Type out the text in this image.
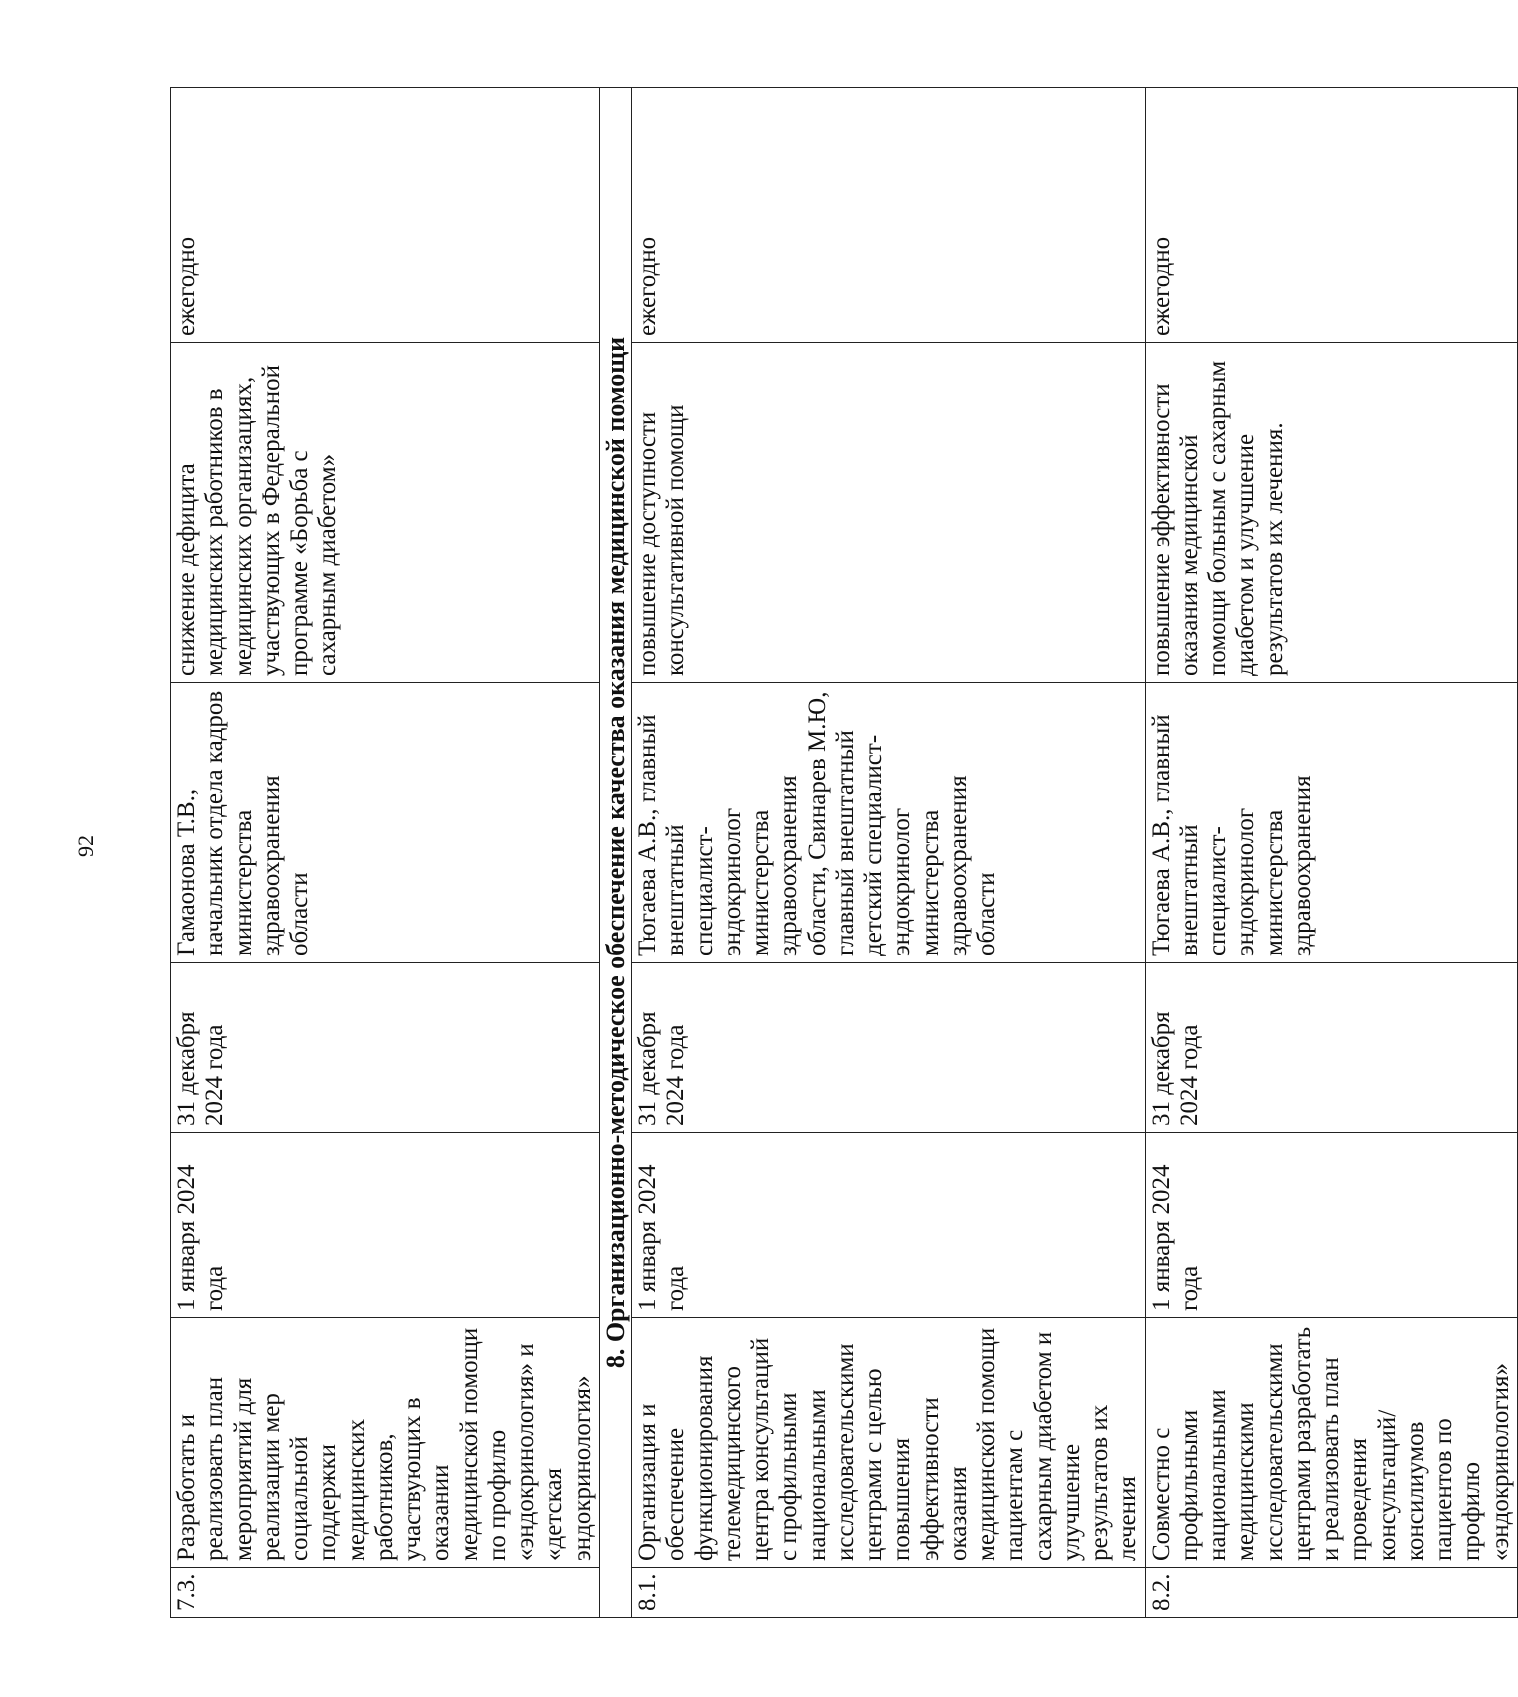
92
7.3.	Разработать и реализовать план мероприятий для реализации мер социальной поддержки медицинских работников, участвующих в оказании медицинской помощи по профилю «эндокринология» и «детская эндокринология»	1 января 2024 года	31 декабря 2024 года	Гамаонова Т.В., начальник отдела кадров министерства здравоохранения области	снижение дефицита медицинских работников в медицинских организациях, участвующих в Федеральной программе «Борьба с сахарным диабетом»	ежегодно
8. Организационно-методическое обеспечение качества оказания медицинской помощи						
8.1.	Организация и обеспечение функционирования телемедицинского центра консультаций с профильными национальными исследовательскими центрами с целью повышения эффективности оказания медицинской помощи пациентам с сахарным диабетом и улучшение результатов их лечения	1 января 2024 года	31 декабря 2024 года	Тюгаева А.В., главный внештатный специалист-эндокринолог министерства здравоохранения области, Свинарев М.Ю, главный внештатный детский специалист-эндокринолог министерства здравоохранения области	повышение доступности консультативной помощи	ежегодно
8.2.	Совместно с профильными национальными медицинскими исследовательскими центрами разработать и реализовать план проведения консультаций/ консилиумов пациентов по профилю «эндокринология»	1 января 2024 года	31 декабря 2024 года	Тюгаева А.В., главный внештатный специалист-эндокринолог министерства здравоохранения	повышение эффективности оказания медицинской помощи больным с сахарным диабетом и улучшение результатов их лечения.	ежегодно
